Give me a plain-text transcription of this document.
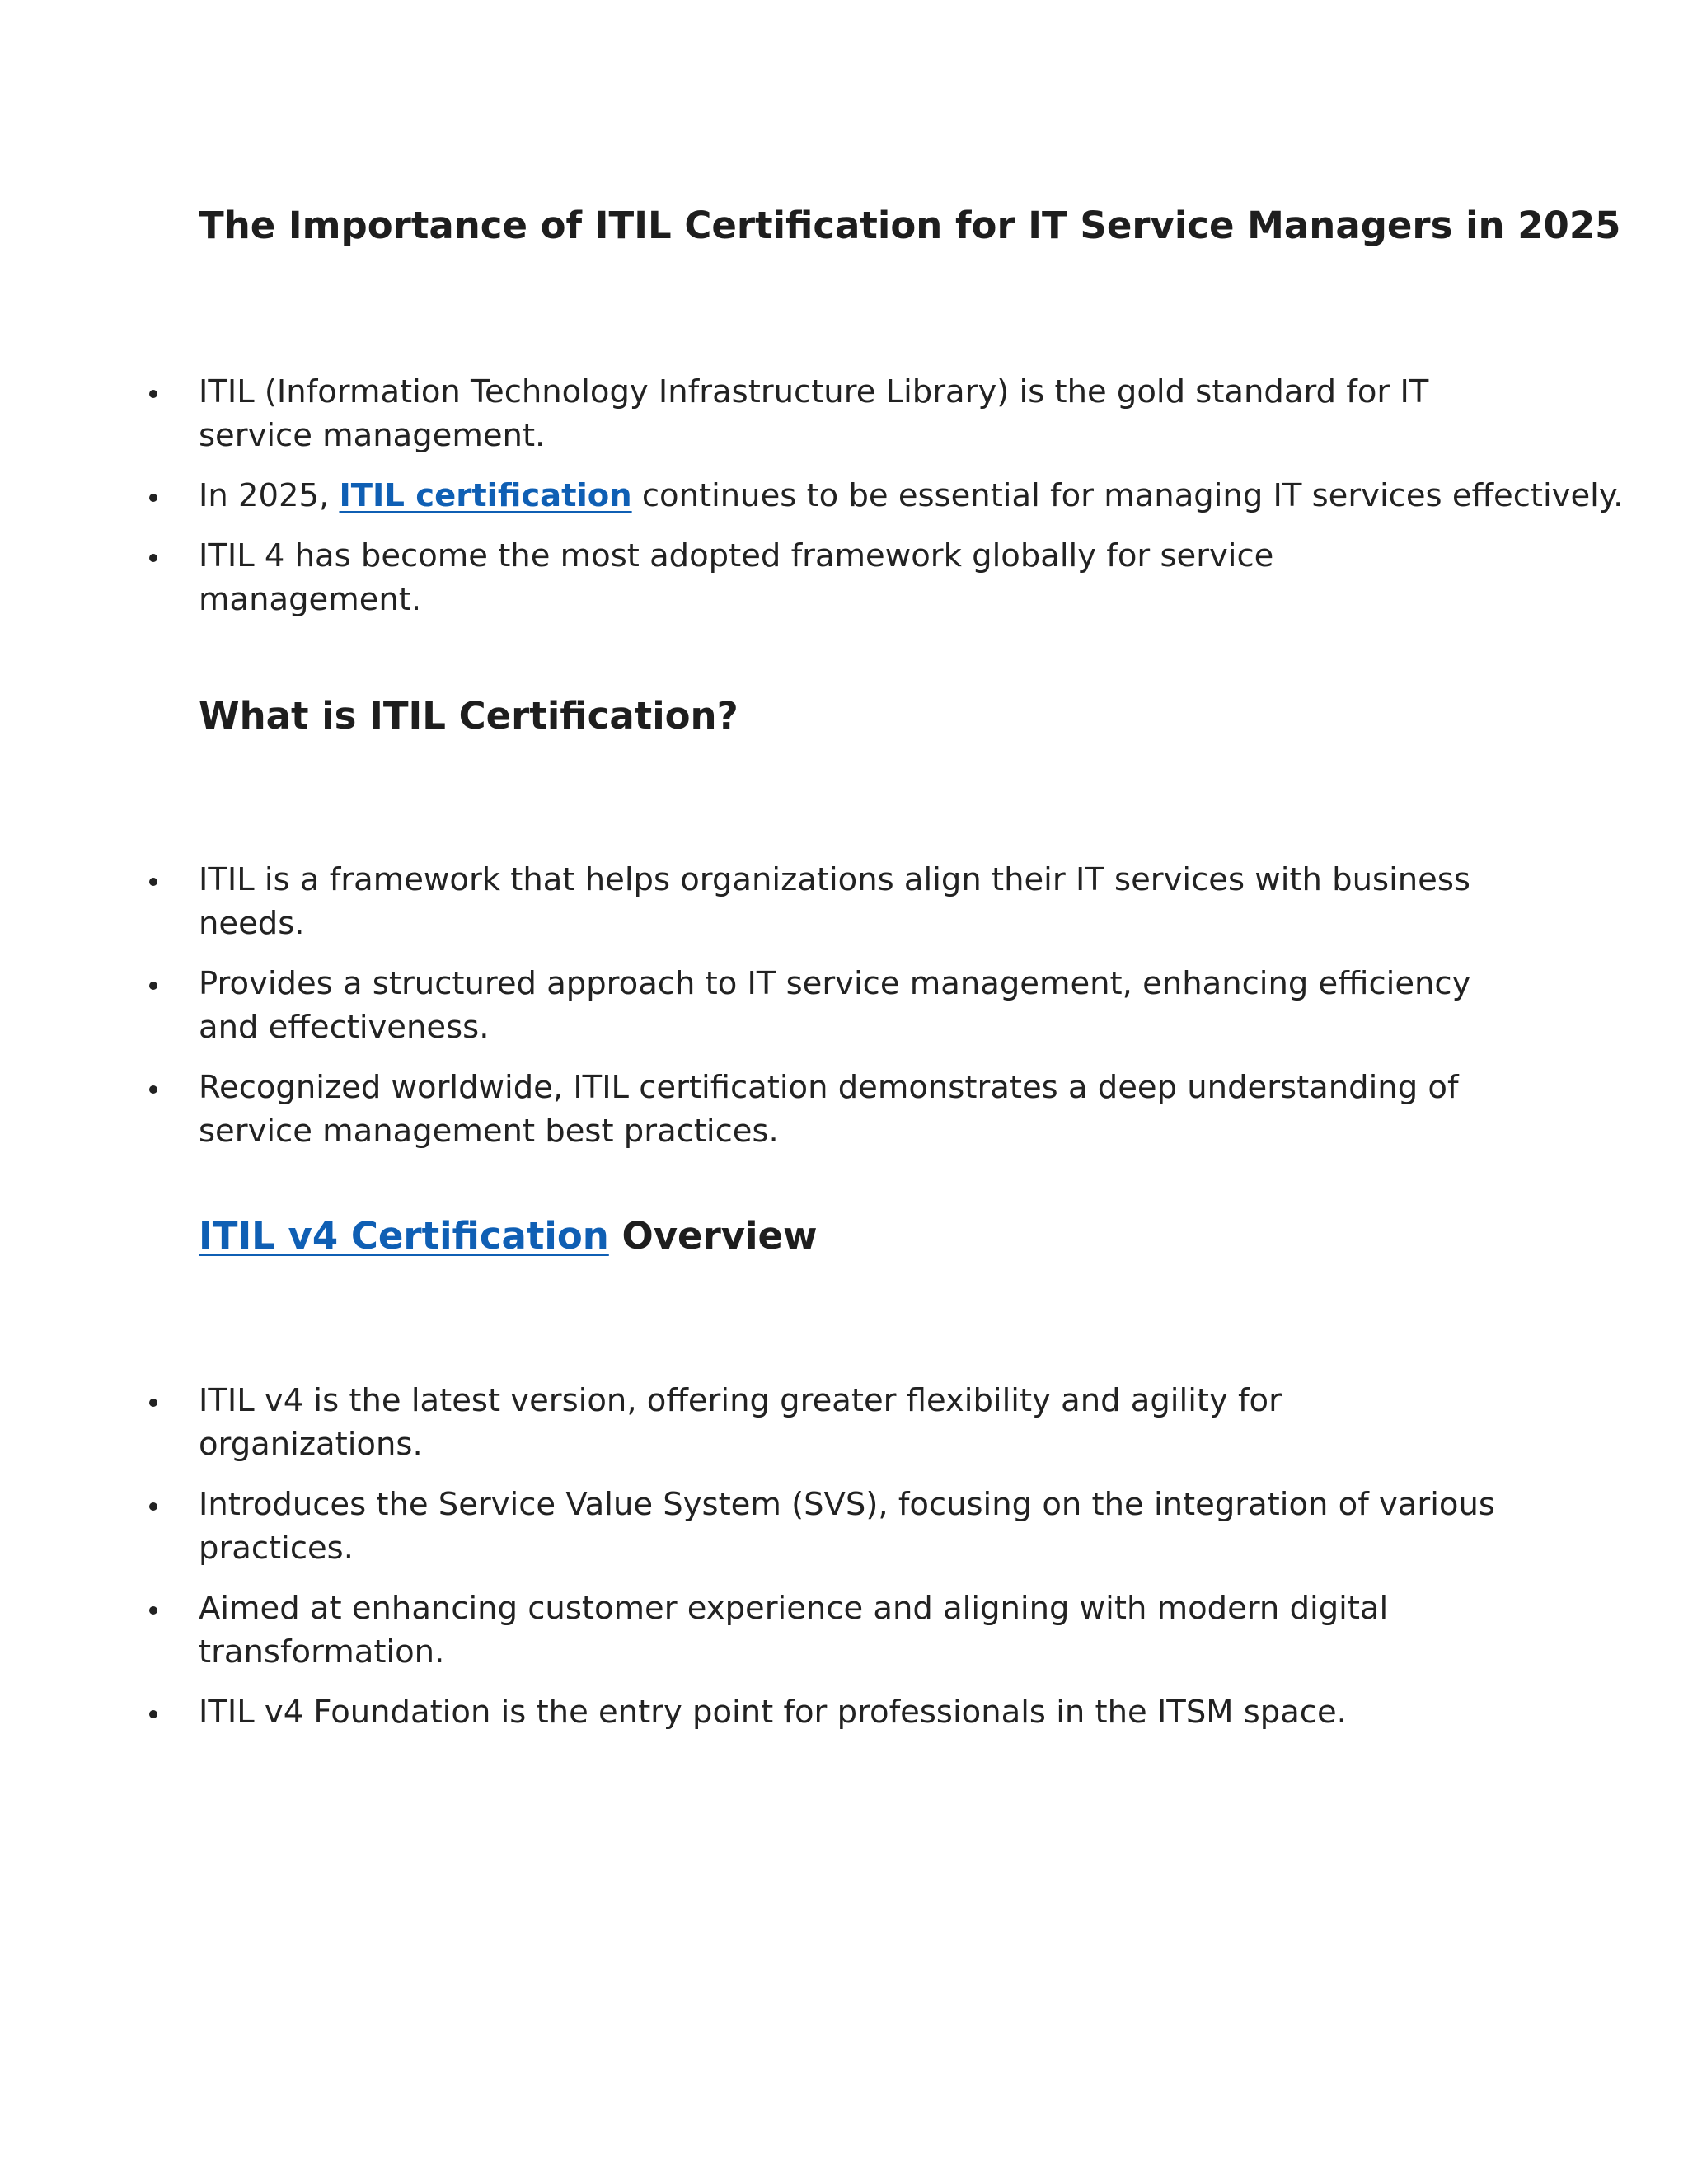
The Importance of ITIL Certification for IT Service Managers in 2025
ITIL (Information Technology Infrastructure Library) is the gold standard for IT service management.
In 2025, ITIL certification continues to be essential for managing IT services effectively.
ITIL 4 has become the most adopted framework globally for service management.
What is ITIL Certification?
ITIL is a framework that helps organizations align their IT services with business needs.
Provides a structured approach to IT service management, enhancing efficiency and effectiveness.
Recognized worldwide, ITIL certification demonstrates a deep understanding of service management best practices.
ITIL v4 Certification Overview
ITIL v4 is the latest version, offering greater flexibility and agility for organizations.
Introduces the Service Value System (SVS), focusing on the integration of various practices.
Aimed at enhancing customer experience and aligning with modern digital transformation.
ITIL v4 Foundation is the entry point for professionals in the ITSM space.
